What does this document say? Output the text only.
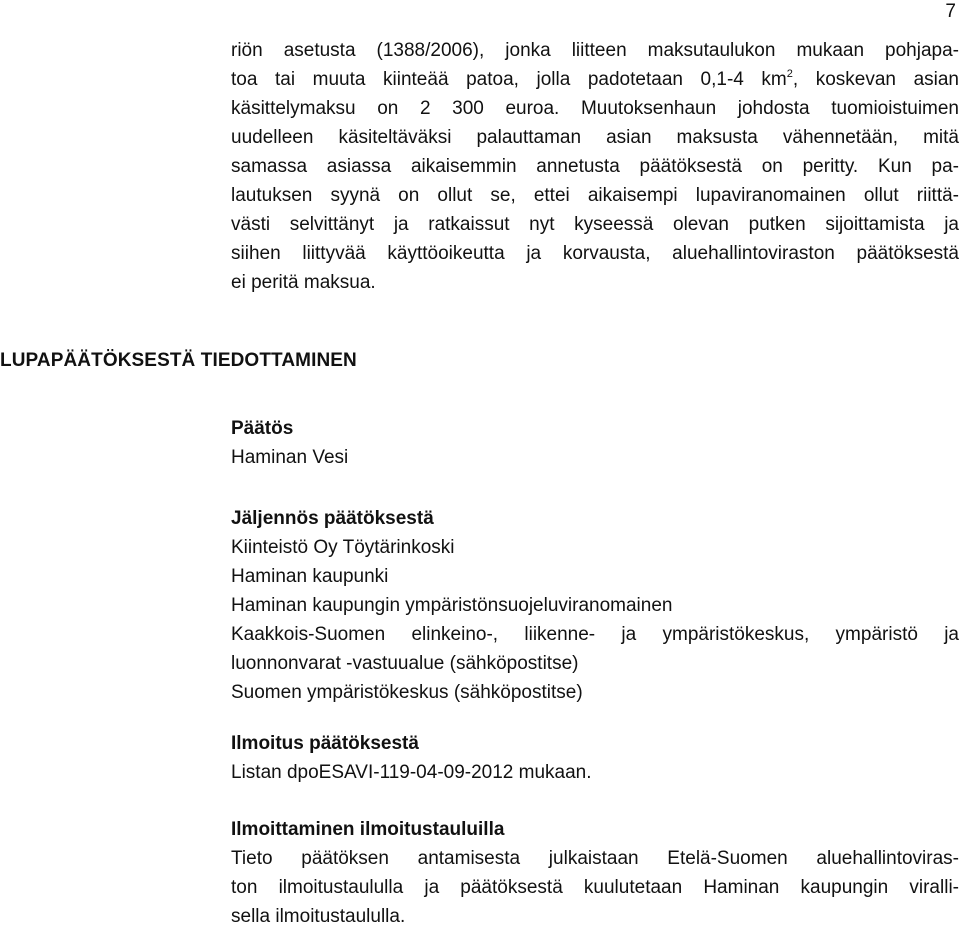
7
riön asetusta (1388/2006), jonka liitteen maksutaulukon mukaan pohjapa-
toa tai muuta kiinteää patoa, jolla padotetaan 0,1-4 $km^2$, koskevan asian
käsittelymaksu on 2 300 euroa. Muutoksenhaun johdosta tuomioistuimen
uudelleen käsiteltäväksi palauttaman asian maksusta vähennetään, mitä
samassa asiassa aikaisemmin annetusta päätöksestä on peritty. Kun pa-
lautuksen syynä on ollut se, ettei aikaisempi lupaviranomainen ollut riittä-
västi selvittänyt ja ratkaissut nyt kyseessä olevan putken sijoittamista ja
siihen liittyvää käyttöoikeutta ja korvausta, aluehallintoviraston päätöksestä
ei peritä maksua.
LUPAPÄÄTÖKSESTÄ TIEDOTTAMINEN
Päätös
Haminan Vesi
Jäljennös päätöksestä
Kiinteistö Oy Töytärinkoski
Haminan kaupunki
Haminan kaupungin ympäristönsuojeluviranomainen
Kaakkois-Suomen elinkeino-, liikenne- ja ympäristökeskus, ympäristö ja
luonnonvarat -vastuualue (sähköpostitse)
Suomen ympäristökeskus (sähköpostitse)
Ilmoitus päätöksestä
Listan dpoESAVI-119-04-09-2012 mukaan.
Ilmoittaminen ilmoitustauluilla
Tieto päätöksen antamisesta julkaistaan Etelä-Suomen aluehallintoviras-
ton ilmoitustaululla ja päätöksestä kuulutetaan Haminan kaupungin viralli-
sella ilmoitustaululla.
